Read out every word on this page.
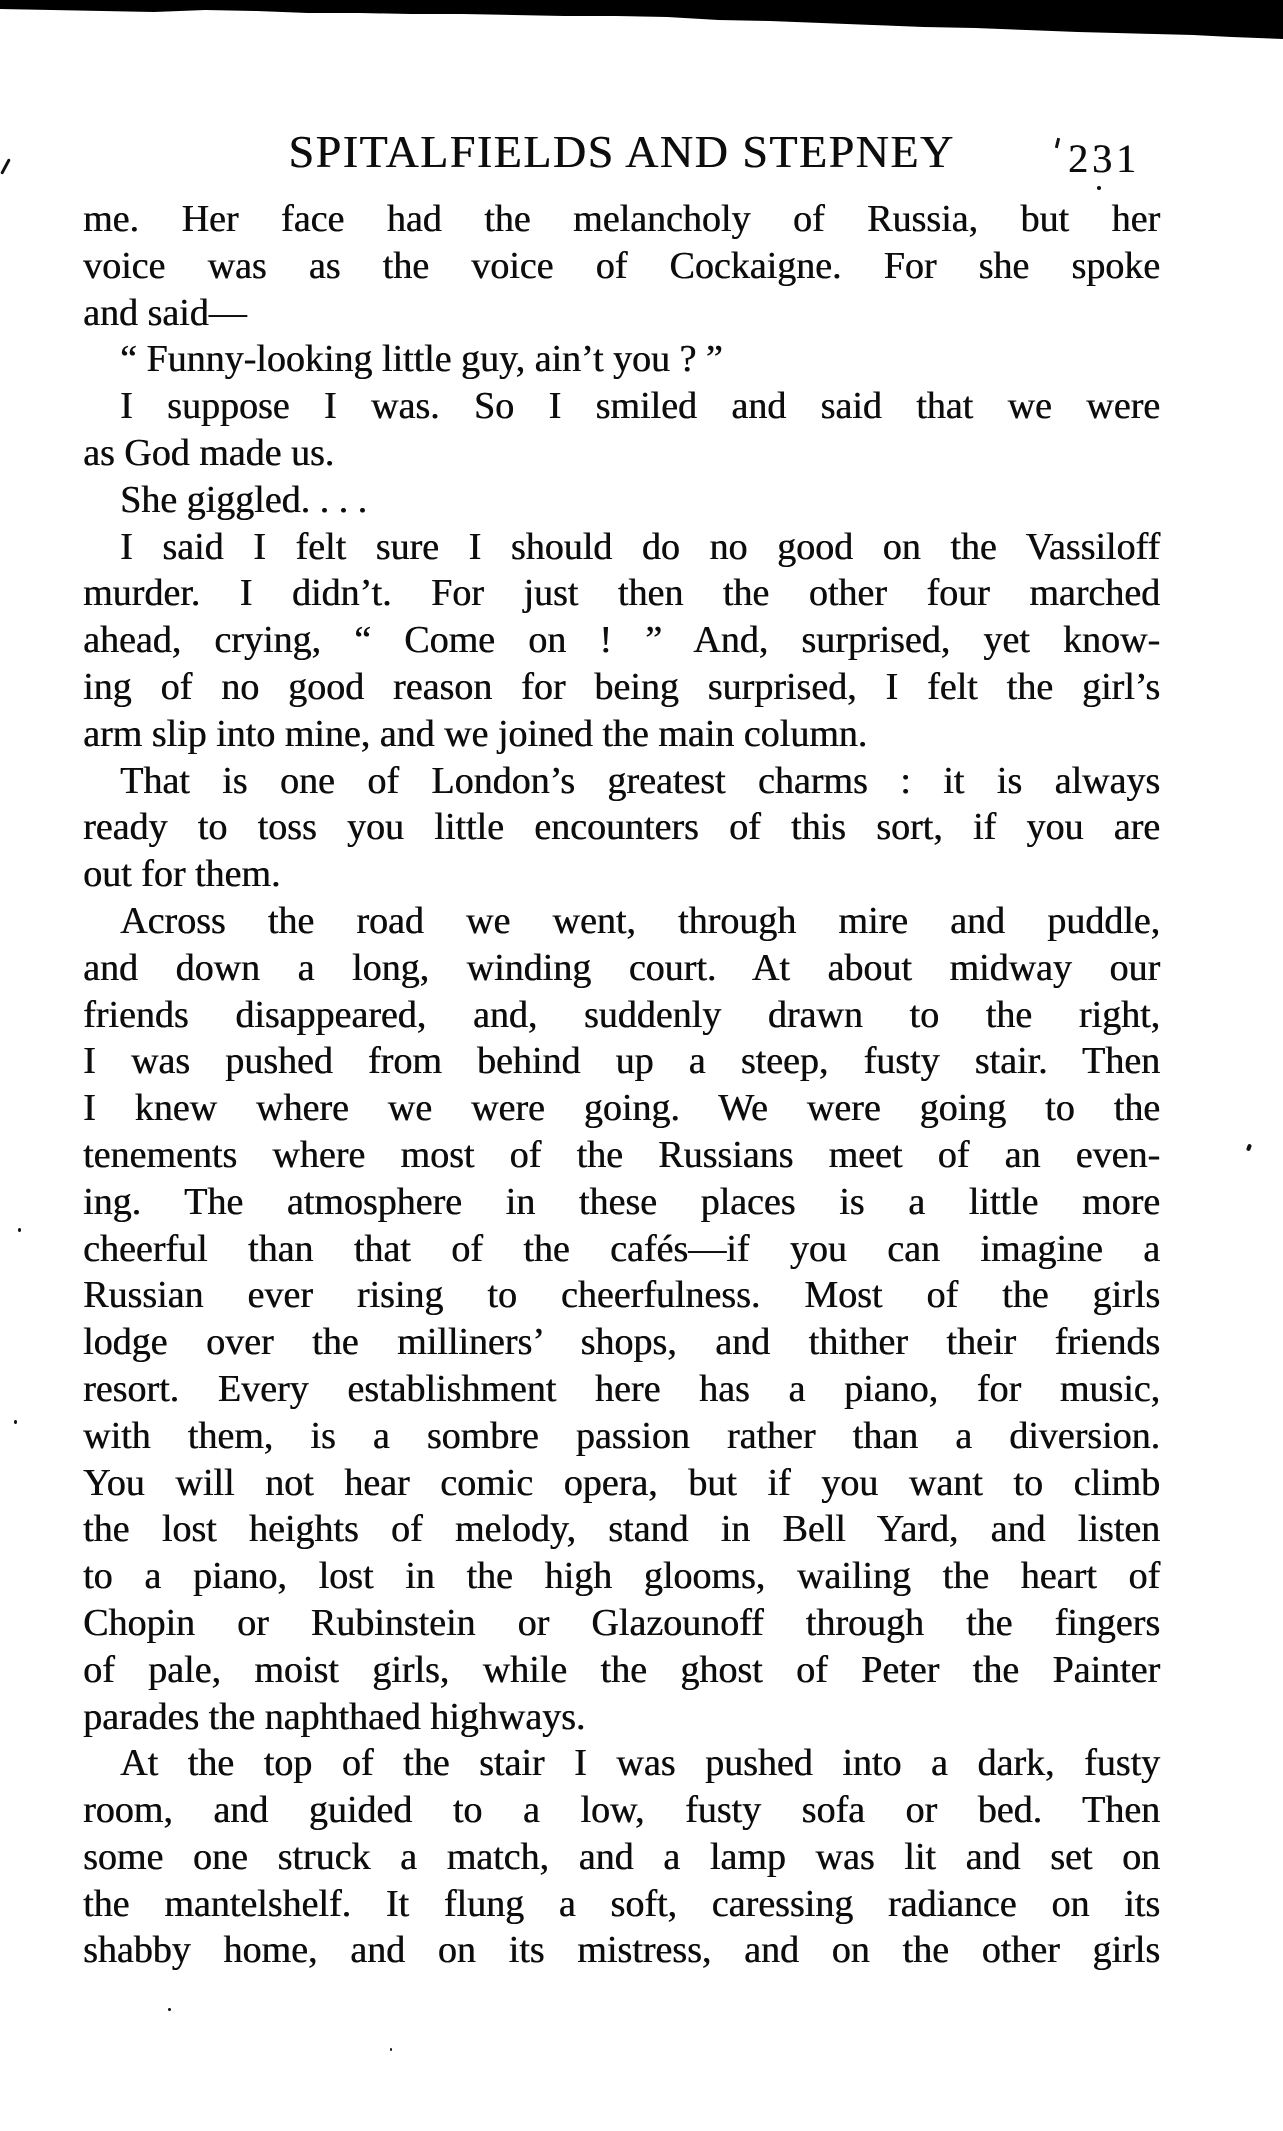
SPITALFIELDS AND STEPNEY	231
me. Her face had the melancholy of Russia, but her
voice was as the voice of Cockaigne. For she spoke
and said—
“ Funny-looking little guy, ain’t you ? ”
I suppose I was. So I smiled and said that we were
as God made us.
She giggled. . . .
I said I felt sure I should do no good on the Vassiloff
murder. I didn’t. For just then the other four marched
ahead, crying, “ Come on ! ” And, surprised, yet know-
ing of no good reason for being surprised, I felt the girl’s
arm slip into mine, and we joined the main column.
That is one of London’s greatest charms : it is always
ready to toss you little encounters of this sort, if you are
out for them.
Across the road we went, through mire and puddle,
and down a long, winding court. At about midway our
friends disappeared, and, suddenly drawn to the right,
I was pushed from behind up a steep, fusty stair. Then
I knew where we were going. We were going to the
tenements where most of the Russians meet of an even-
ing. The atmosphere in these places is a little more
cheerful than that of the cafés—if you can imagine a
Russian ever rising to cheerfulness. Most of the girls
lodge over the milliners’ shops, and thither their friends
resort. Every establishment here has a piano, for music,
with them, is a sombre passion rather than a diversion.
You will not hear comic opera, but if you want to climb
the lost heights of melody, stand in Bell Yard, and listen
to a piano, lost in the high glooms, wailing the heart of
Chopin or Rubinstein or Glazounoff through the fingers
of pale, moist girls, while the ghost of Peter the Painter
parades the naphthaed highways.
At the top of the stair I was pushed into a dark, fusty
room, and guided to a low, fusty sofa or bed. Then
some one struck a match, and a lamp was lit and set on
the mantelshelf. It flung a soft, caressing radiance on its
shabby home, and on its mistress, and on the other girls
